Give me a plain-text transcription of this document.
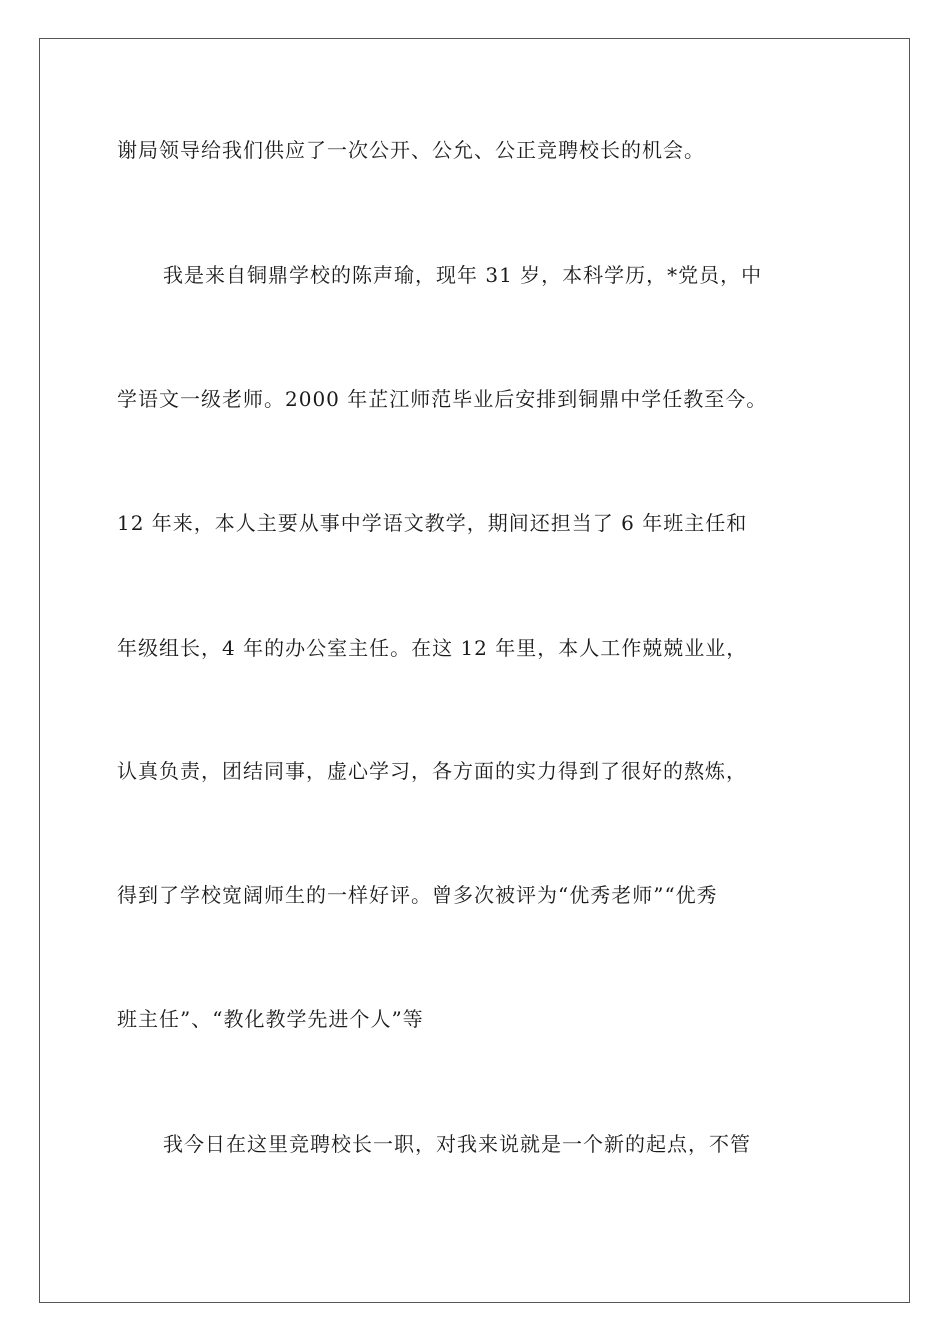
谢局领导给我们供应了一次公开、公允、公正竞聘校长的机会。
我是来自铜鼎学校的陈声瑜，现年 31 岁，本科学历，*党员，中
学语文一级老师。2000 年芷江师范毕业后安排到铜鼎中学任教至今。
12 年来，本人主要从事中学语文教学，期间还担当了 6 年班主任和
年级组长，4 年的办公室主任。在这 12 年里，本人工作兢兢业业，
认真负责，团结同事，虚心学习，各方面的实力得到了很好的熬炼，
得到了学校宽阔师生的一样好评。曾多次被评为“优秀老师”“优秀
班主任”、“教化教学先进个人”等
我今日在这里竞聘校长一职，对我来说就是一个新的起点，不管
